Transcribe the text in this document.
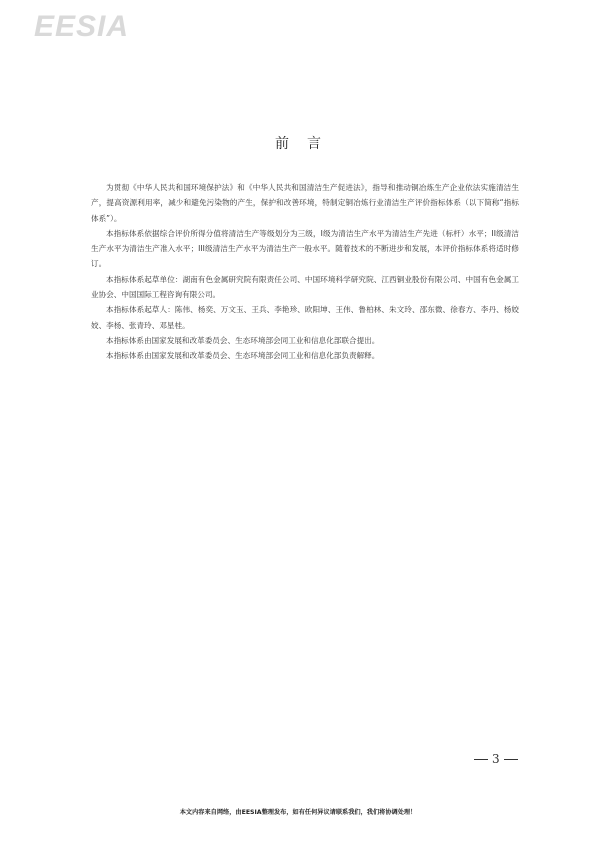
EESIA
前言

为贯彻《中华人民共和国环境保护法》和《中华人民共和国清洁生产促进法》，指导和推动铜冶炼生产企业依法实施清洁生产，提高资源利用率，减少和避免污染物的产生，保护和改善环境，特制定铜冶炼行业清洁生产评价指标体系（以下简称“指标体系”）。

本指标体系依据综合评价所得分值将清洁生产等级划分为三级，I级为清洁生产水平为清洁生产先进（标杆）水平；II级清洁生产水平为清洁生产准入水平；III级清洁生产水平为清洁生产一般水平。随着技术的不断进步和发展，本评价指标体系将适时修订。

本指标体系起草单位：湖南有色金属研究院有限责任公司、中国环境科学研究院、江西铜业股份有限公司、中国有色金属工业协会、中国国际工程咨询有限公司。

本指标体系起草人：陈伟、杨奕、万文玉、王兵、李艳珍、欧阳坤、王伟、鲁柏林、朱文玲、邵东微、徐春方、李丹、杨姣姣、李杨、张青玲、邓星桂。

本指标体系由国家发展和改革委员会、生态环境部会同工业和信息化部联合提出。

本指标体系由国家发展和改革委员会、生态环境部会同工业和信息化部负责解释。

3
本文内容来自网络，由EESIA整理发布，如有任何异议请联系我们，我们将协调处理！
